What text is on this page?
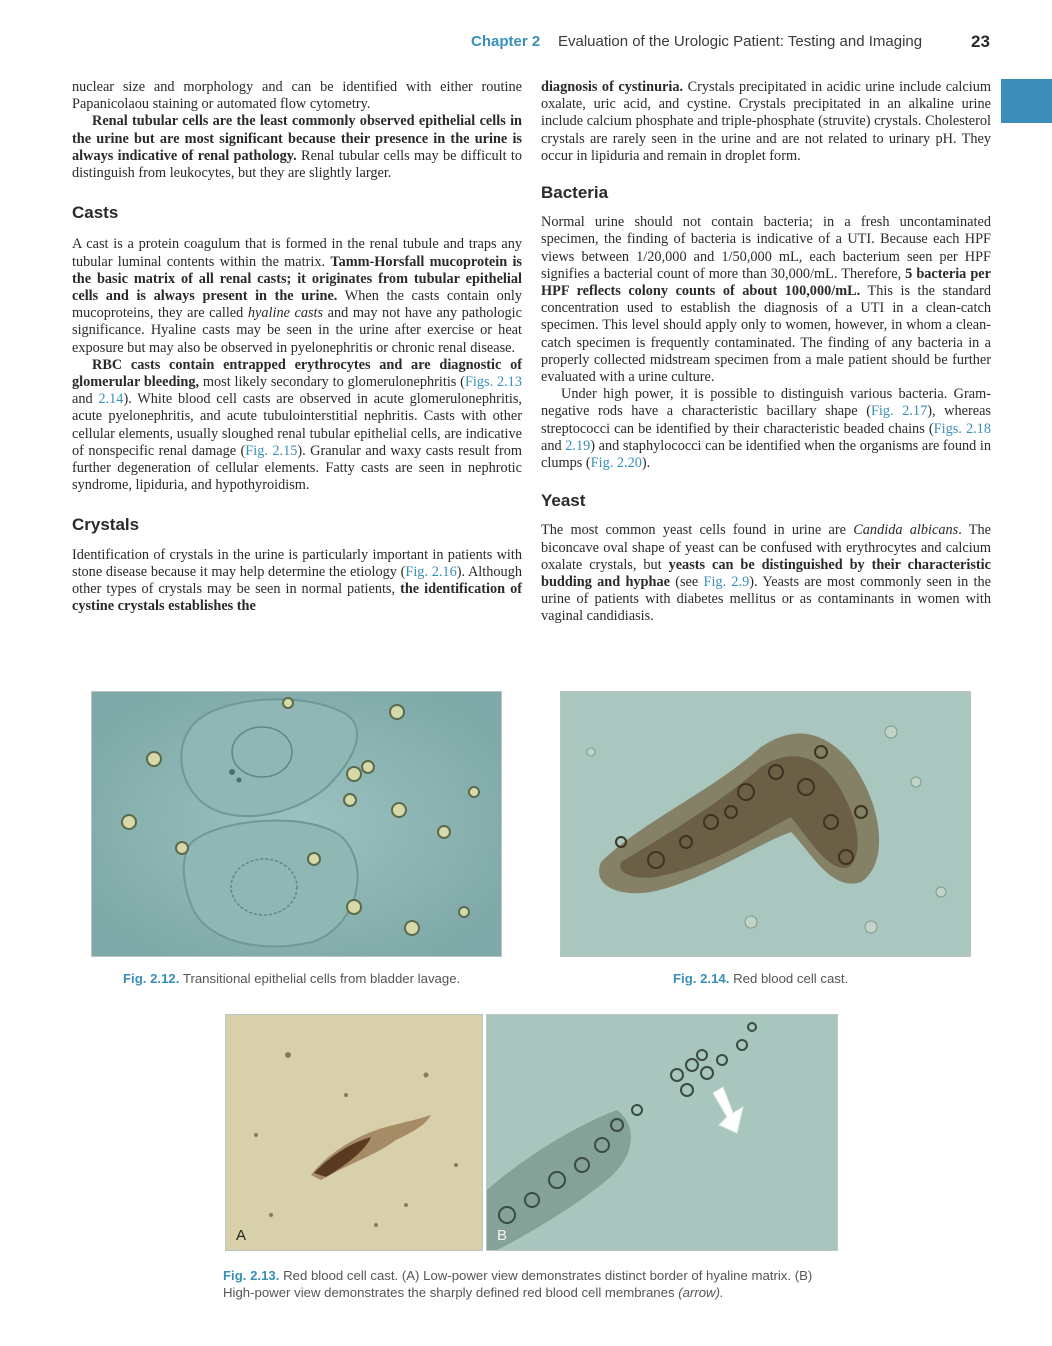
Chapter 2 Evaluation of the Urologic Patient: Testing and Imaging	23

nuclear size and morphology and can be identified with either routine Papanicolaou staining or automated flow cytometry.

Renal tubular cells are the least commonly observed epithelial cells in the urine but are most significant because their presence in the urine is always indicative of renal pathology. Renal tubular cells may be difficult to distinguish from leukocytes, but they are slightly larger.

Casts

A cast is a protein coagulum that is formed in the renal tubule and traps any tubular luminal contents within the matrix. Tamm-Horsfall mucoprotein is the basic matrix of all renal casts; it originates from tubular epithelial cells and is always present in the urine. When the casts contain only mucoproteins, they are called hyaline casts and may not have any pathologic significance. Hyaline casts may be seen in the urine after exercise or heat exposure but may also be observed in pyelonephritis or chronic renal disease.

RBC casts contain entrapped erythrocytes and are diagnostic of glomerular bleeding, most likely secondary to glomerulonephritis (Figs. 2.13 and 2.14). White blood cell casts are observed in acute glomerulonephritis, acute pyelonephritis, and acute tubulointerstitial nephritis. Casts with other cellular elements, usually sloughed renal tubular epithelial cells, are indicative of nonspecific renal damage (Fig. 2.15). Granular and waxy casts result from further degeneration of cellular elements. Fatty casts are seen in nephrotic syndrome, lipiduria, and hypothyroidism.

Crystals

Identification of crystals in the urine is particularly important in patients with stone disease because it may help determine the etiology (Fig. 2.16). Although other types of crystals may be seen in normal patients, the identification of cystine crystals establishes the

diagnosis of cystinuria. Crystals precipitated in acidic urine include calcium oxalate, uric acid, and cystine. Crystals precipitated in an alkaline urine include calcium phosphate and triple-phosphate (struvite) crystals. Cholesterol crystals are rarely seen in the urine and are not related to urinary pH. They occur in lipiduria and remain in droplet form.

Bacteria

Normal urine should not contain bacteria; in a fresh uncontaminated specimen, the finding of bacteria is indicative of a UTI. Because each HPF views between 1/20,000 and 1/50,000 mL, each bacterium seen per HPF signifies a bacterial count of more than 30,000/mL. Therefore, 5 bacteria per HPF reflects colony counts of about 100,000/mL. This is the standard concentration used to establish the diagnosis of a UTI in a clean-catch specimen. This level should apply only to women, however, in whom a clean-catch specimen is frequently contaminated. The finding of any bacteria in a properly collected midstream specimen from a male patient should be further evaluated with a urine culture.

Under high power, it is possible to distinguish various bacteria. Gram-negative rods have a characteristic bacillary shape (Fig. 2.17), whereas streptococci can be identified by their characteristic beaded chains (Figs. 2.18 and 2.19) and staphylococci can be identified when the organisms are found in clumps (Fig. 2.20).

Yeast

The most common yeast cells found in urine are Candida albicans. The biconcave oval shape of yeast can be confused with erythrocytes and calcium oxalate crystals, but yeasts can be distinguished by their characteristic budding and hyphae (see Fig. 2.9). Yeasts are most commonly seen in the urine of patients with diabetes mellitus or as contaminants in women with vaginal candidiasis.

Fig. 2.12. Transitional epithelial cells from bladder lavage.	Fig. 2.14. Red blood cell cast.
A	B
Fig. 2.13. Red blood cell cast. (A) Low-power view demonstrates distinct border of hyaline matrix. (B)
High-power view demonstrates the sharply defined red blood cell membranes (arrow).
